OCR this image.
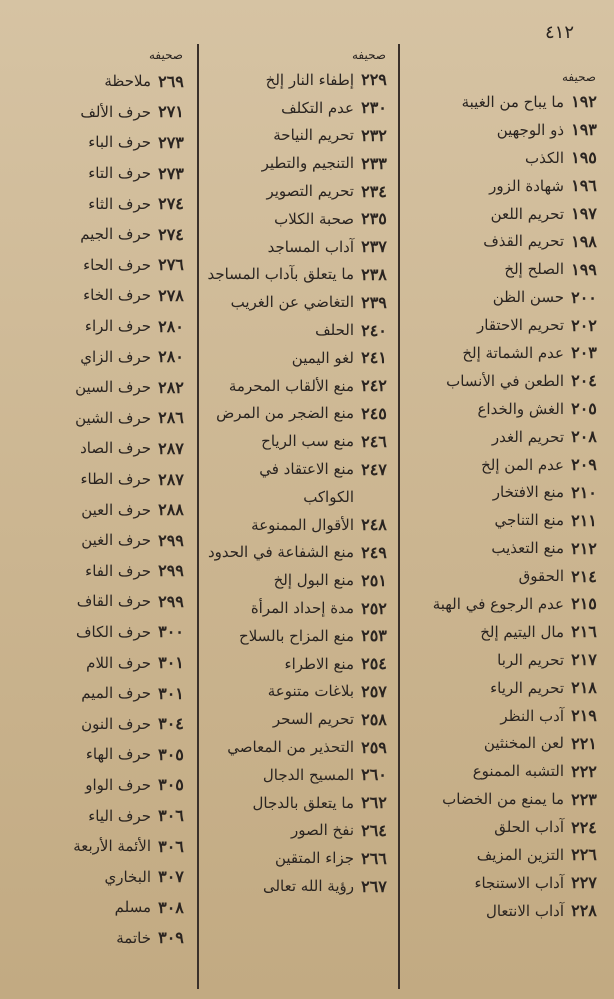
٤١٢
صحيفه
١٩٢
ما يباح من الغيبة
١٩٣
ذو الوجهين
١٩٥
الكذب
١٩٦
شهادة الزور
١٩٧
تحريم اللعن
١٩٨
تحريم القذف
١٩٩
الصلح إلخ
٢٠٠
حسن الظن
٢٠٢
تحريم الاحتقار
٢٠٣
عدم الشماتة إلخ
٢٠٤
الطعن في الأنساب
٢٠٥
الغش والخداع
٢٠٨
تحريم الغدر
٢٠٩
عدم المن إلخ
٢١٠
منع الافتخار
٢١١
منع التناجي
٢١٢
منع التعذيب
٢١٤
الحقوق
٢١٥
عدم الرجوع في الهبة
٢١٦
مال اليتيم إلخ
٢١٧
تحريم الربا
٢١٨
تحريم الرياء
٢١٩
آدب النظر
٢٢١
لعن المخنثين
٢٢٢
التشبه الممنوع
٢٢٣
ما يمنع من الخضاب
٢٢٤
آداب الحلق
٢٢٦
التزين المزيف
٢٢٧
آداب الاستنجاء
٢٢٨
آداب الانتعال
صحيفه
٢٢٩
إطفاء النار إلخ
٢٣٠
عدم التكلف
٢٣٢
تحريم النياحة
٢٣٣
التنجيم والتطير
٢٣٤
تحريم التصوير
٢٣٥
صحبة الكلاب
٢٣٧
آداب المساجد
٢٣٨
ما يتعلق بآداب المساجد
٢٣٩
التغاضي عن الغريب
٢٤٠
الحلف
٢٤١
لغو اليمين
٢٤٢
منع الألقاب المحرمة
٢٤٥
منع الضجر من المرض
٢٤٦
منع سب الرياح
٢٤٧
منع الاعتقاد في
الكواكب
٢٤٨
الأقوال الممنوعة
٢٤٩
منع الشفاعة في الحدود
٢٥١
منع البول إلخ
٢٥٢
مدة إحداد المرأة
٢٥٣
منع المزاح بالسلاح
٢٥٤
منع الاطراء
٢٥٧
بلاغات متنوعة
٢٥٨
تحريم السحر
٢٥٩
التحذير من المعاصي
٢٦٠
المسيح الدجال
٢٦٢
ما يتعلق بالدجال
٢٦٤
نفخ الصور
٢٦٦
جزاء المتقين
٢٦٧
رؤية الله تعالى
صحيفه
٢٦٩
ملاحظة
٢٧١
حرف الألف
٢٧٣
حرف الباء
٢٧٣
حرف التاء
٢٧٤
حرف الثاء
٢٧٤
حرف الجيم
٢٧٦
حرف الحاء
٢٧٨
حرف الخاء
٢٨٠
حرف الراء
٢٨٠
حرف الزاي
٢٨٢
حرف السين
٢٨٦
حرف الشين
٢٨٧
حرف الصاد
٢٨٧
حرف الطاء
٢٨٨
حرف العين
٢٩٩
حرف الغين
٢٩٩
حرف الفاء
٢٩٩
حرف القاف
٣٠٠
حرف الكاف
٣٠١
حرف اللام
٣٠١
حرف الميم
٣٠٤
حرف النون
٣٠٥
حرف الهاء
٣٠٥
حرف الواو
٣٠٦
حرف الياء
٣٠٦
الأئمة الأربعة
٣٠٧
البخاري
٣٠٨
مسلم
٣٠٩
خاتمة
